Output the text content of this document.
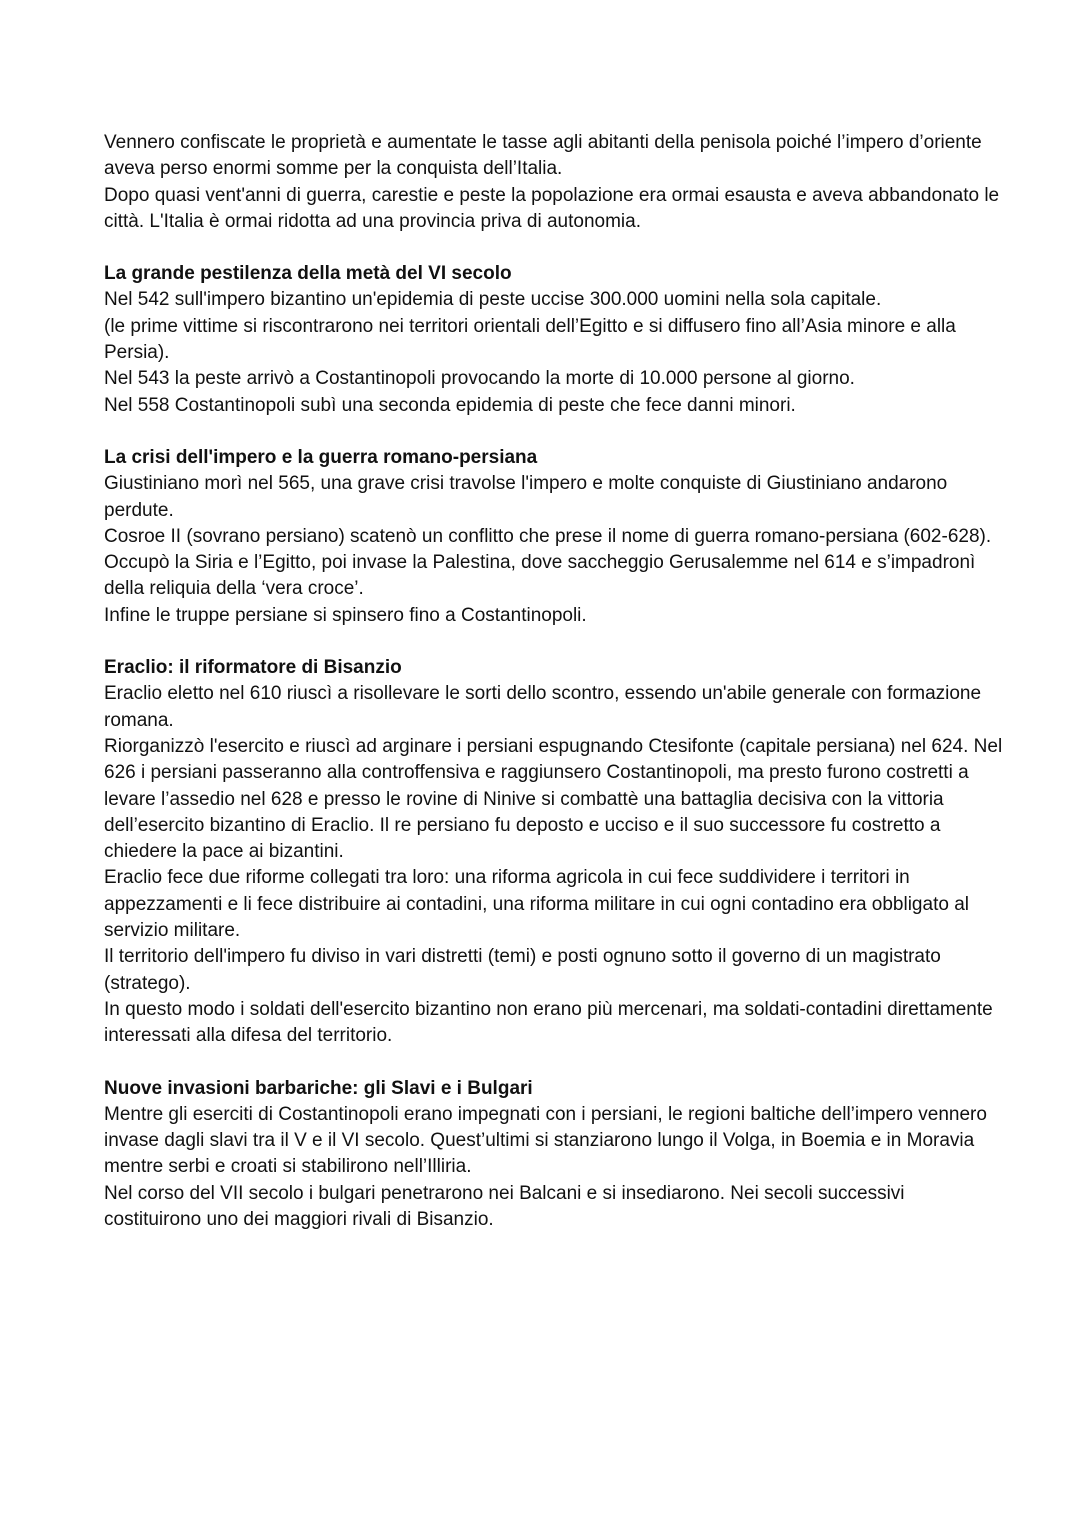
Vennero confiscate le proprietà e aumentate le tasse agli abitanti della penisola poiché l’impero d’oriente aveva perso enormi somme per la conquista dell’Italia.

Dopo quasi vent'anni di guerra, carestie e peste la popolazione era ormai esausta e aveva abbandonato le città. L'Italia è ormai ridotta ad una provincia priva di autonomia.

La grande pestilenza della metà del VI secolo

Nel 542 sull'impero bizantino un'epidemia di peste uccise 300.000 uomini nella sola capitale.

(le prime vittime si riscontrarono nei territori orientali dell’Egitto e si diffusero fino all’Asia minore e alla Persia).

Nel 543 la peste arrivò a Costantinopoli provocando la morte di 10.000 persone al giorno.

Nel 558 Costantinopoli subì una seconda epidemia di peste che fece danni minori.

La crisi dell'impero e la guerra romano-persiana

Giustiniano morì nel 565, una grave crisi travolse l'impero e molte conquiste di Giustiniano andarono perdute.

Cosroe II (sovrano persiano) scatenò un conflitto che prese il nome di guerra romano-persiana (602-628). Occupò la Siria e l’Egitto, poi invase la Palestina, dove saccheggio Gerusalemme nel 614 e s’impadronì della reliquia della ‘vera croce’.

Infine le truppe persiane si spinsero fino a Costantinopoli.

Eraclio: il riformatore di Bisanzio

Eraclio eletto nel 610 riuscì a risollevare le sorti dello scontro, essendo un'abile generale con formazione romana.

Riorganizzò l'esercito e riuscì ad arginare i persiani espugnando Ctesifonte (capitale persiana) nel 624. Nel 626 i persiani passeranno alla controffensiva e raggiunsero Costantinopoli, ma presto furono costretti a levare l’assedio nel 628 e presso le rovine di Ninive si combattè una battaglia decisiva con la vittoria dell’esercito bizantino di Eraclio. Il re persiano fu deposto e ucciso e il suo successore fu costretto a chiedere la pace ai bizantini.

Eraclio fece due riforme collegati tra loro: una riforma agricola in cui fece suddividere i territori in appezzamenti e li fece distribuire ai contadini, una riforma militare in cui ogni contadino era obbligato al servizio militare.

Il territorio dell'impero fu diviso in vari distretti (temi) e posti ognuno sotto il governo di un magistrato (stratego).

In questo modo i soldati dell'esercito bizantino non erano più mercenari, ma soldati-contadini direttamente interessati alla difesa del territorio.

Nuove invasioni barbariche: gli Slavi e i Bulgari

Mentre gli eserciti di Costantinopoli erano impegnati con i persiani, le regioni baltiche dell’impero vennero invase dagli slavi tra il V e il VI secolo. Quest’ultimi si stanziarono lungo il Volga, in Boemia e in Moravia mentre serbi e croati si stabilirono nell’Illiria.

Nel corso del VII secolo i bulgari penetrarono nei Balcani e si insediarono. Nei secoli successivi costituirono uno dei maggiori rivali di Bisanzio.
